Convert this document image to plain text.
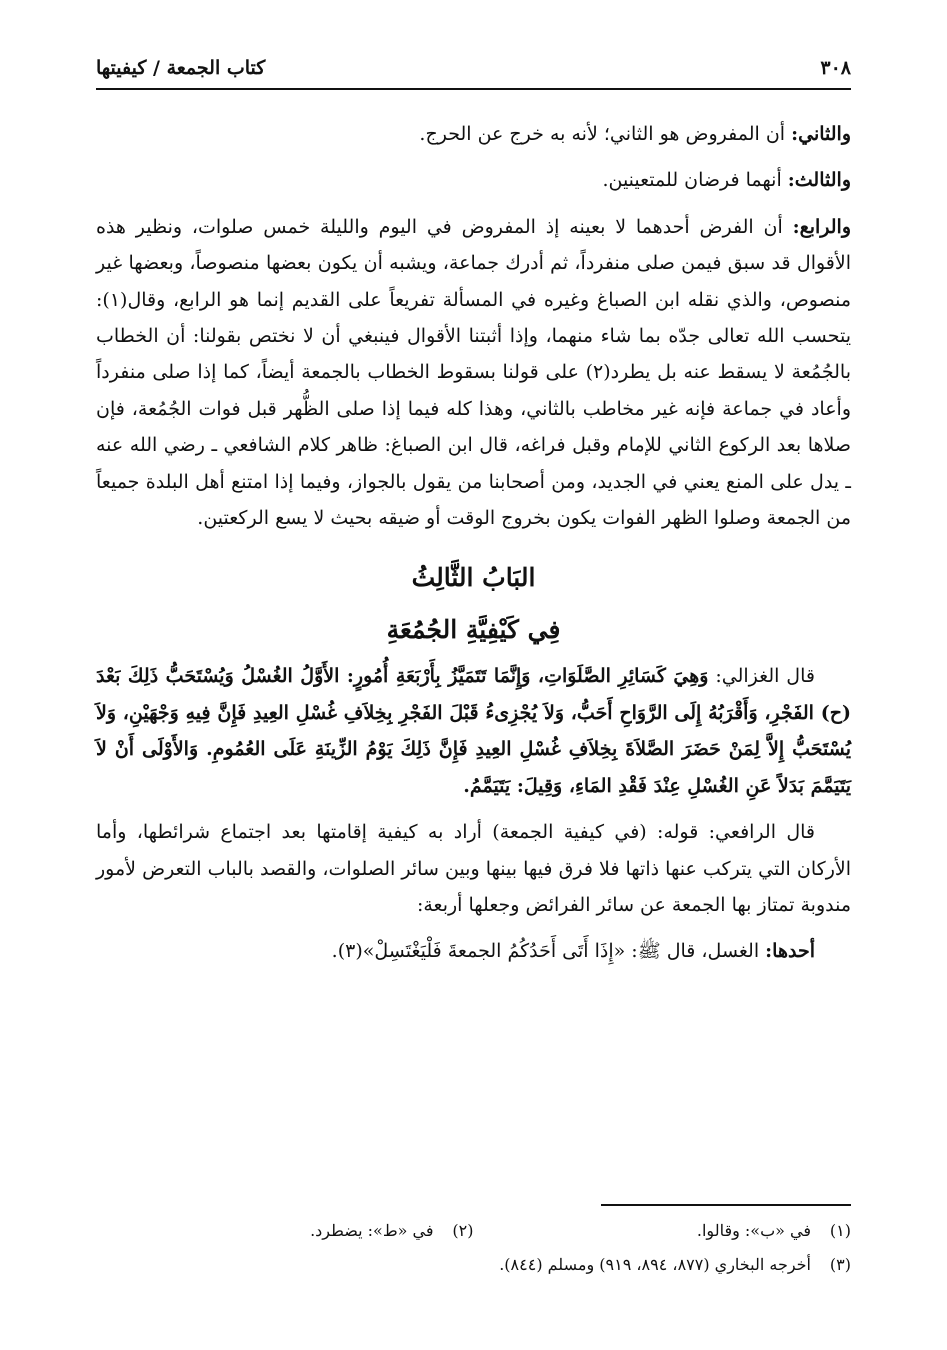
٣٠٨
كتاب الجمعة / كيفيتها

والثاني: أن المفروض هو الثاني؛ لأنه به خرج عن الحرج.

والثالث: أنهما فرضان للمتعينين.

والرابع: أن الفرض أحدهما لا بعينه إذ المفروض في اليوم والليلة خمس صلوات، ونظير هذه الأقوال قد سبق فيمن صلى منفرداً، ثم أدرك جماعة، ويشبه أن يكون بعضها منصوصاً، وبعضها غير منصوص، والذي نقله ابن الصباغ وغيره في المسألة تفريعاً على القديم إنما هو الرابع، وقال(١): يتحسب الله تعالى جدّه بما شاء منهما، وإذا أثبتنا الأقوال فينبغي أن لا نختص بقولنا: أن الخطاب بالجُمُعة لا يسقط عنه بل يطرد(٢) على قولنا بسقوط الخطاب بالجمعة أيضاً، كما إذا صلى منفرداً وأعاد في جماعة فإنه غير مخاطب بالثاني، وهذا كله فيما إذا صلى الظُّهر قبل فوات الجُمُعة، فإن صلاها بعد الركوع الثاني للإمام وقبل فراغه، قال ابن الصباغ: ظاهر كلام الشافعي ـ رضي الله عنه ـ يدل على المنع يعني في الجديد، ومن أصحابنا من يقول بالجواز، وفيما إذا امتنع أهل البلدة جميعاً من الجمعة وصلوا الظهر الفوات يكون بخروج الوقت أو ضيقه بحيث لا يسع الركعتين.

البَابُ الثَّالِثُ
فِي كَيْفِيَّةِ الجُمُعَةِ

قال الغزالي: وَهِيَ كَسَائِرِ الصَّلَوَاتِ، وَإِنَّمَا تَتَمَيَّزُ بِأَرْبَعَةِ أُمُورٍ: الأَوَّلُ الغُسْلُ وَيُسْتَحَبُّ ذَلِكَ بَعْدَ (ح) الفَجْرِ، وَأَقْرَبُهُ إِلَى الرَّوَاحِ أَحَبُّ، وَلاَ يُجْزِىءُ قَبْلَ الفَجْرِ بِخِلاَفِ غُسْلِ العِيدِ فَإِنَّ فِيهِ وَجْهَيْنِ، وَلاَ يُسْتَحَبُّ إِلاَّ لِمَنْ حَضَرَ الصَّلاَةَ بِخِلاَفِ غُسْلِ العِيدِ فَإِنَّ ذَلِكَ يَوْمُ الزِّينَةِ عَلَى العُمُومِ. وَالأَوْلَى أَنْ لاَ يَتَيَمَّمَ بَدَلاً عَنِ الغُسْلِ عِنْدَ فَقْدِ المَاءِ، وَقِيلَ: يَتَيَمَّمُ.

قال الرافعي: قوله: (في كيفية الجمعة) أراد به كيفية إقامتها بعد اجتماع شرائطها، وأما الأركان التي يتركب عنها ذاتها فلا فرق فيها بينها وبين سائر الصلوات، والقصد بالباب التعرض لأمور مندوبة تمتاز بها الجمعة عن سائر الفرائض وجعلها أربعة:

أحدها: الغسل، قال ﷺ: «إِذَا أَتَى أَحَدُكُمُ الجمعةَ فَلْيَغْتَسِلْ»(٣).

(١)في «ب»: وقالوا.
(٢)في «ط»: يضطرد.
(٣)أخرجه البخاري (٨٧٧، ٨٩٤، ٩١٩) ومسلم (٨٤٤).
